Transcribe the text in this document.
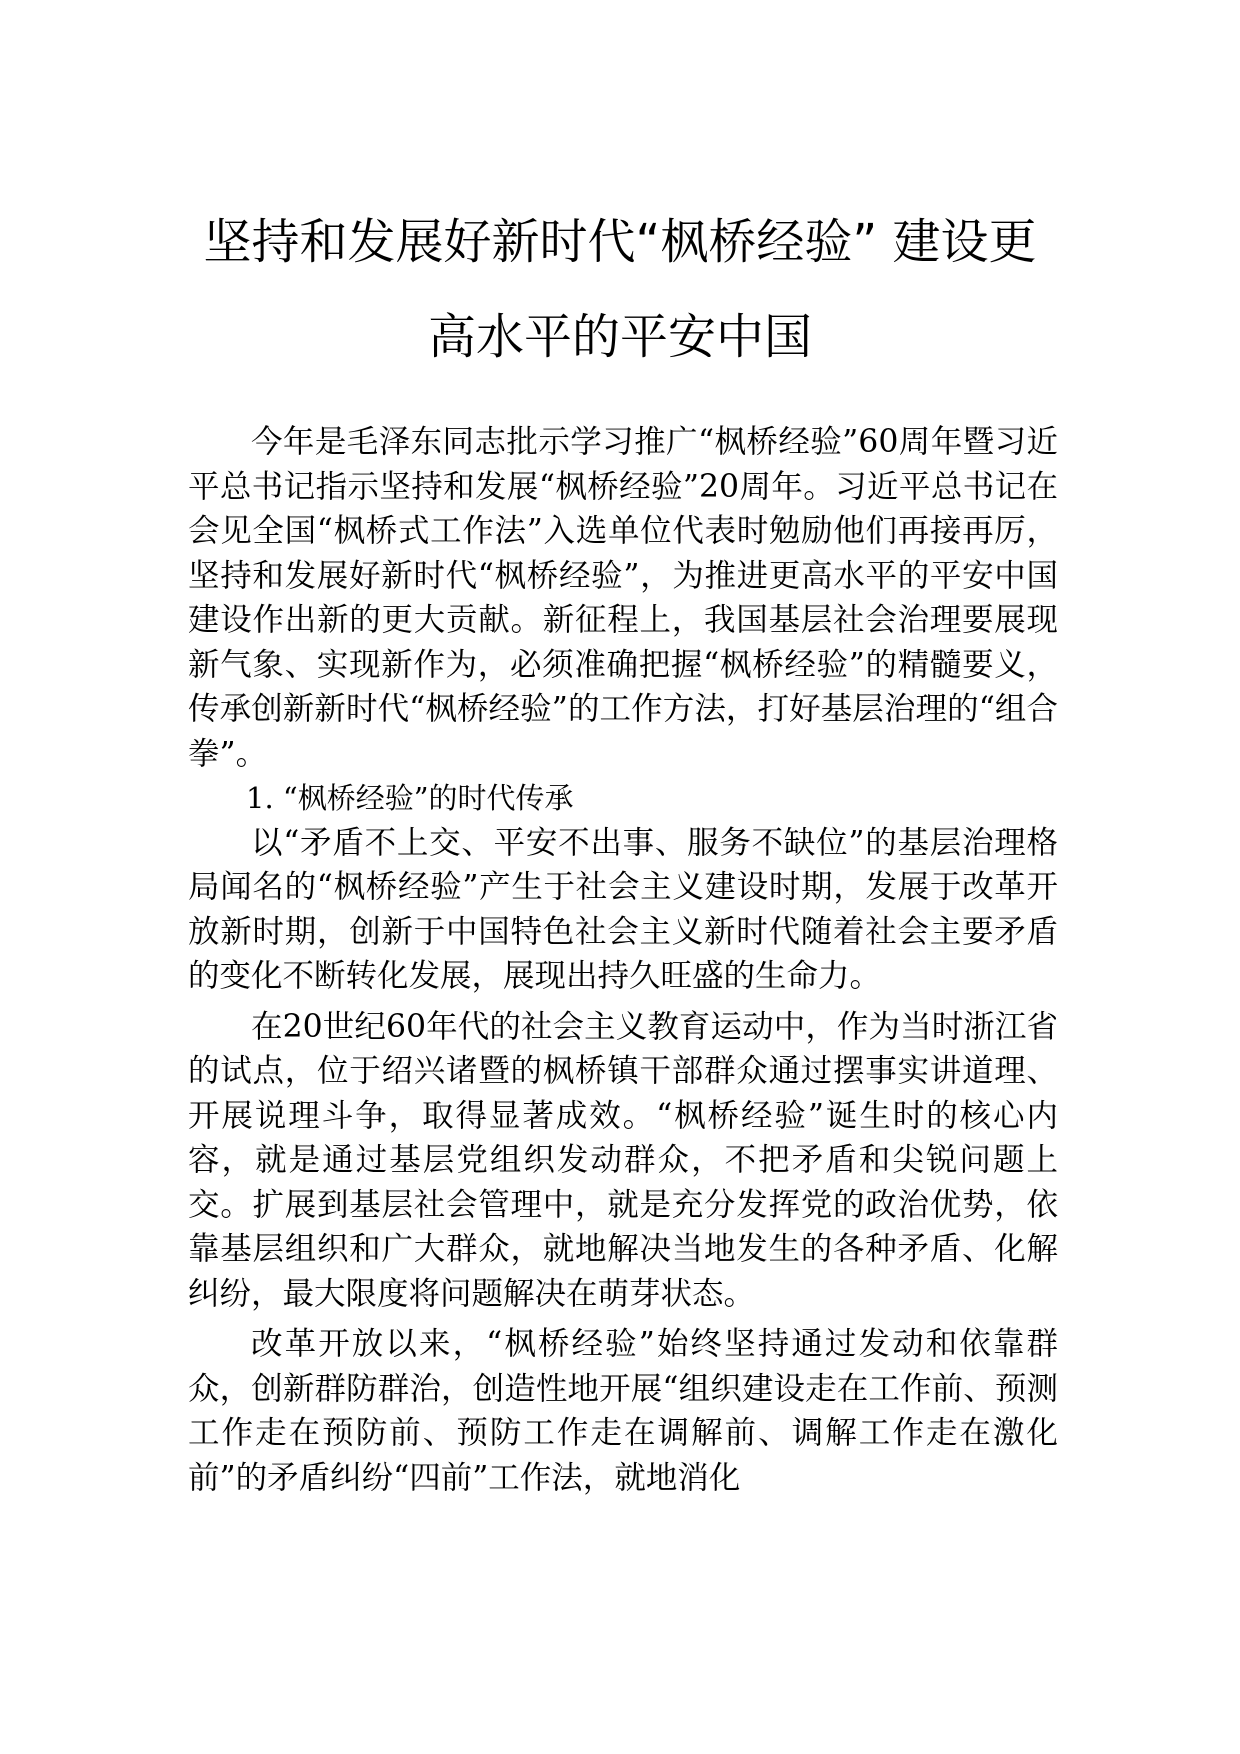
坚持和发展好新时代“枫桥经验” 建设更
高水平的平安中国

今年是毛泽东同志批示学习推广“枫桥经验”60周年暨习近平总书记指示坚持和发展“枫桥经验”20周年。习近平总书记在会见全国“枫桥式工作法”入选单位代表时勉励他们再接再厉，坚持和发展好新时代“枫桥经验”，为推进更高水平的平安中国建设作出新的更大贡献。新征程上，我国基层社会治理要展现新气象、实现新作为，必须准确把握“枫桥经验”的精髓要义，传承创新新时代“枫桥经验”的工作方法，打好基层治理的“组合拳”。

1. “枫桥经验”的时代传承

以“矛盾不上交、平安不出事、服务不缺位”的基层治理格局闻名的“枫桥经验”产生于社会主义建设时期，发展于改革开放新时期，创新于中国特色社会主义新时代随着社会主要矛盾的变化不断转化发展，展现出持久旺盛的生命力。

在20世纪60年代的社会主义教育运动中，作为当时浙江省的试点，位于绍兴诸暨的枫桥镇干部群众通过摆事实讲道理、开展说理斗争，取得显著成效。“枫桥经验”诞生时的核心内容，就是通过基层党组织发动群众，不把矛盾和尖锐问题上交。扩展到基层社会管理中，就是充分发挥党的政治优势，依靠基层组织和广大群众，就地解决当地发生的各种矛盾、化解纠纷，最大限度将问题解决在萌芽状态。

改革开放以来，“枫桥经验”始终坚持通过发动和依靠群众，创新群防群治，创造性地开展“组织建设走在工作前、预测工作走在预防前、预防工作走在调解前、调解工作走在激化前”的矛盾纠纷“四前”工作法，就地消化
